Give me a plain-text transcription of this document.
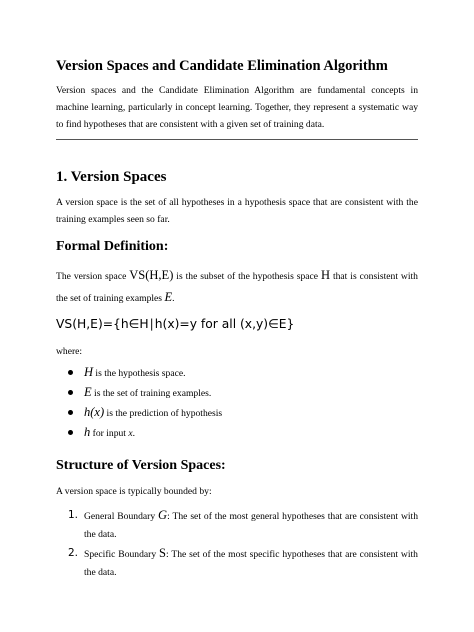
Version Spaces and Candidate Elimination Algorithm

Version spaces and the Candidate Elimination Algorithm are fundamental concepts in machine learning, particularly in concept learning. Together, they represent a systematic way to find hypotheses that are consistent with a given set of training data.

1. Version Spaces

A version space is the set of all hypotheses in a hypothesis space that are consistent with the training examples seen so far.

Formal Definition:

The version space VS(H,E) is the subset of the hypothesis space H that is consistent with the set of training examples E.

VS(H,E)={h∈H∣h(x)=y for all (x,y)∈E}

where:

H is the hypothesis space.
E is the set of training examples.
h(x) is the prediction of hypothesis
h for input x.
Structure of Version Spaces:

A version space is typically bounded by:

1. General Boundary G: The set of the most general hypotheses that are consistent with the data.
2. Specific Boundary S: The set of the most specific hypotheses that are consistent with the data.
